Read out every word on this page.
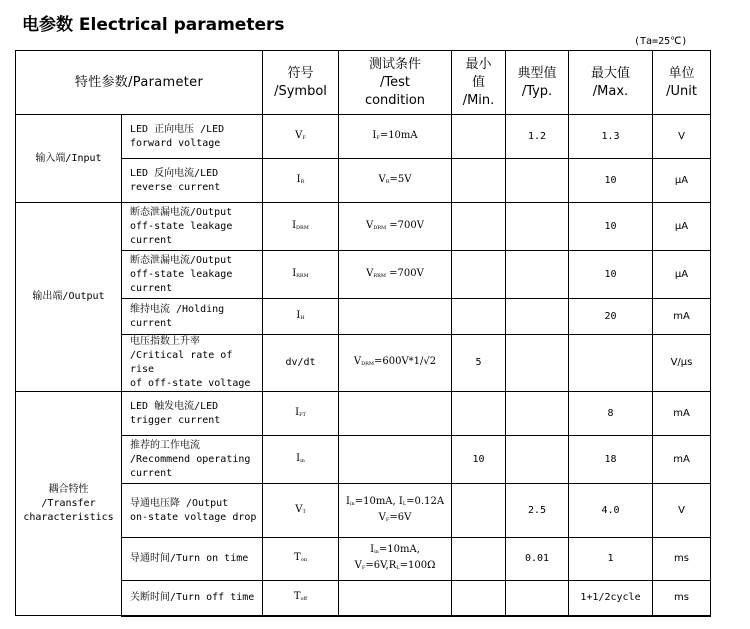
电参数 Electrical parameters
(Ta=25℃)
特性参数/Parameter		符号
/Symbol	测试条件
/Test
condition	最小
值
/Min.	典型值
/Typ.	最大值
/Max.	单位
/Unit
输入端/Input	LED 正向电压 /LED
forward voltage	$V_F$	$I_F=10mA$		1.2	1.3	V
	LED 反向电流/LED
reverse current	$I_R$	$V_R=5V$			10	μA
输出端/Output	断态泄漏电流/Output
off-state leakage
current	$I_{DRM}$	$V_{DRM} =700V$			10	μA
	断态泄漏电流/Output
off-state leakage
current	$I_{RRM}$	$V_{RRM} =700V$			10	μA
	维持电流 /Holding
current	$I_H$				20	mA
	电压指数上升率
/Critical rate of rise
of off-state voltage	dv/dt	$V_{DRM}=600V*1/√2$	5			V/μs
耦合特性
/Transfer
characteristics	LED 触发电流/LED
trigger current	$I_{FT}$				8	mA
	推荐的工作电流
/Recommend operating
current	$I_{in}$		10		18	mA
	导通电压降 /Output
on-state voltage drop	$V_T$	$I_{in}=10mA$, $I_L=0.12A$
$V_F=6V$		2.5	4.0	V
	导通时间/Turn on time	$T_{on}$	$I_{in}=10mA$,
$V_F=6V,R_L=100\Omega$		0.01	1	ms
	关断时间/Turn off time	$T_{off}$				1+1/2cycle	ms
